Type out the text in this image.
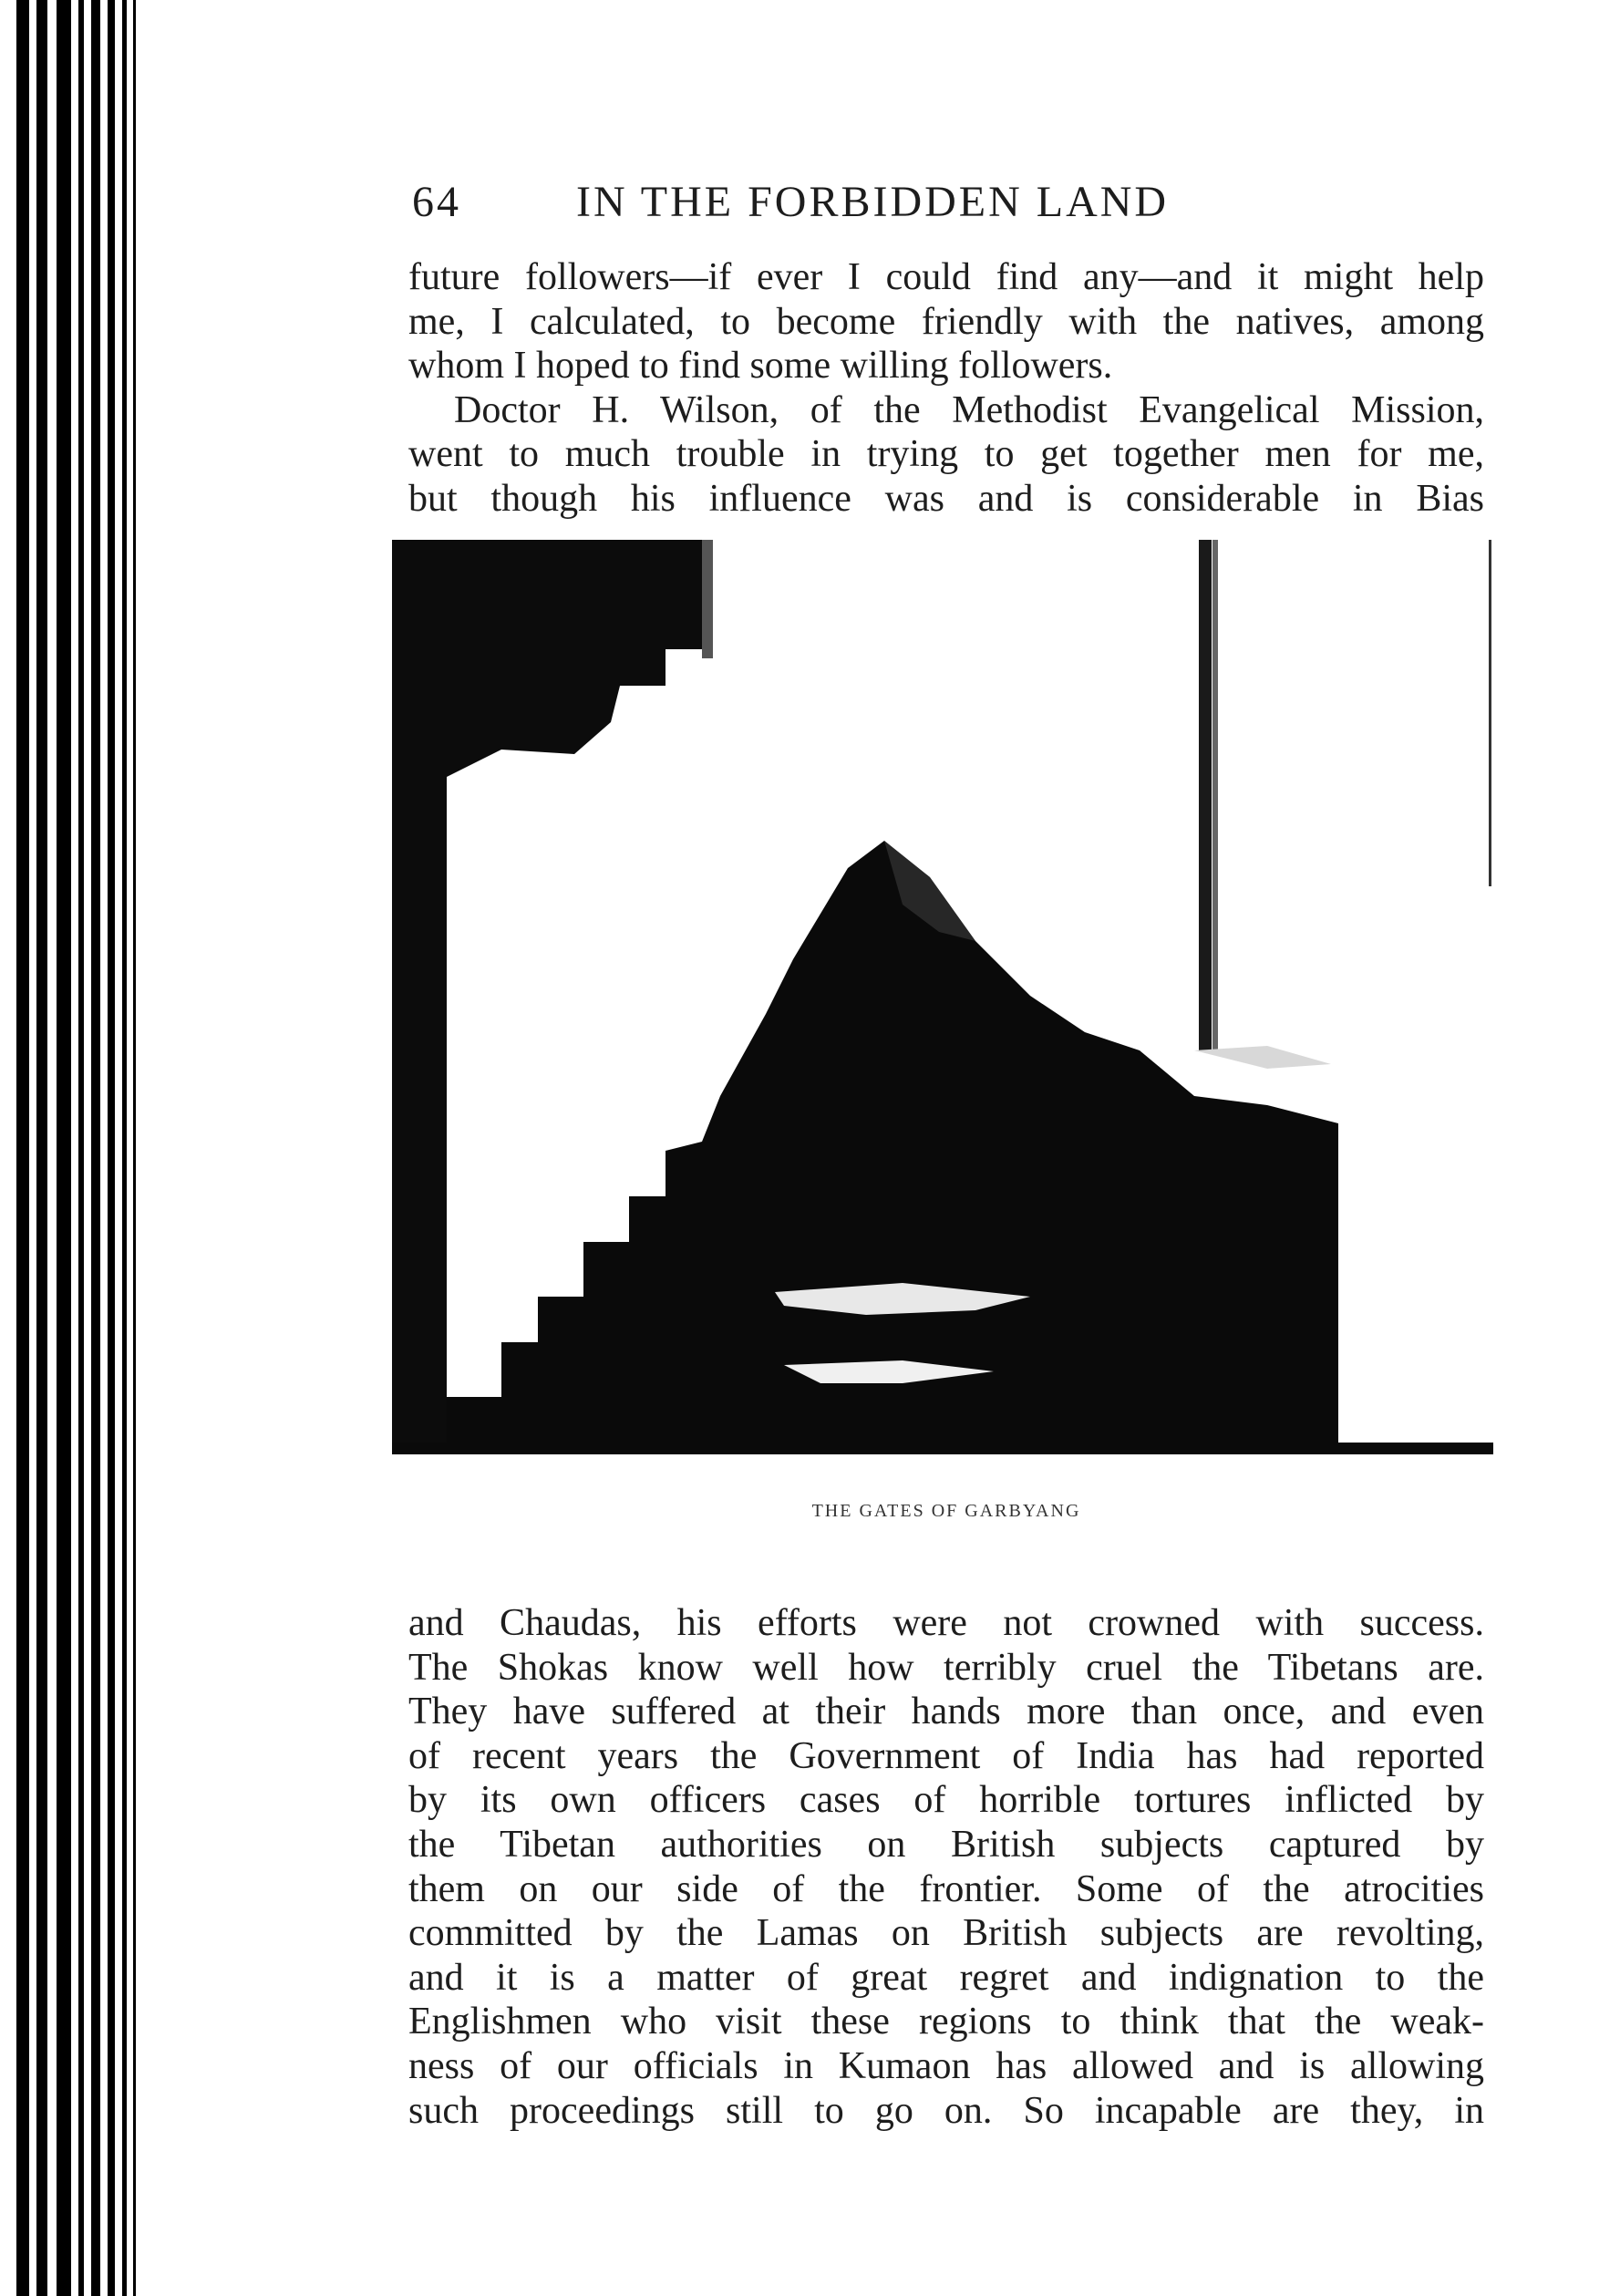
64	IN THE FORBIDDEN LAND
future followers—if ever I could find any—and it might help
me, I calculated, to become friendly with the natives, among
whom I hoped to find some willing followers.
Doctor H. Wilson, of the Methodist Evangelical Mission,
went to much trouble in trying to get together men for me,
but though his influence was and is considerable in Bias
THE GATES OF GARBYANG
and Chaudas, his efforts were not crowned with success.
The Shokas know well how terribly cruel the Tibetans are.
They have suffered at their hands more than once, and even
of recent years the Government of India has had reported
by its own officers cases of horrible tortures inflicted by
the Tibetan authorities on British subjects captured by
them on our side of the frontier. Some of the atrocities
committed by the Lamas on British subjects are revolting,
and it is a matter of great regret and indignation to the
Englishmen who visit these regions to think that the weak-
ness of our officials in Kumaon has allowed and is allowing
such proceedings still to go on. So incapable are they, in
